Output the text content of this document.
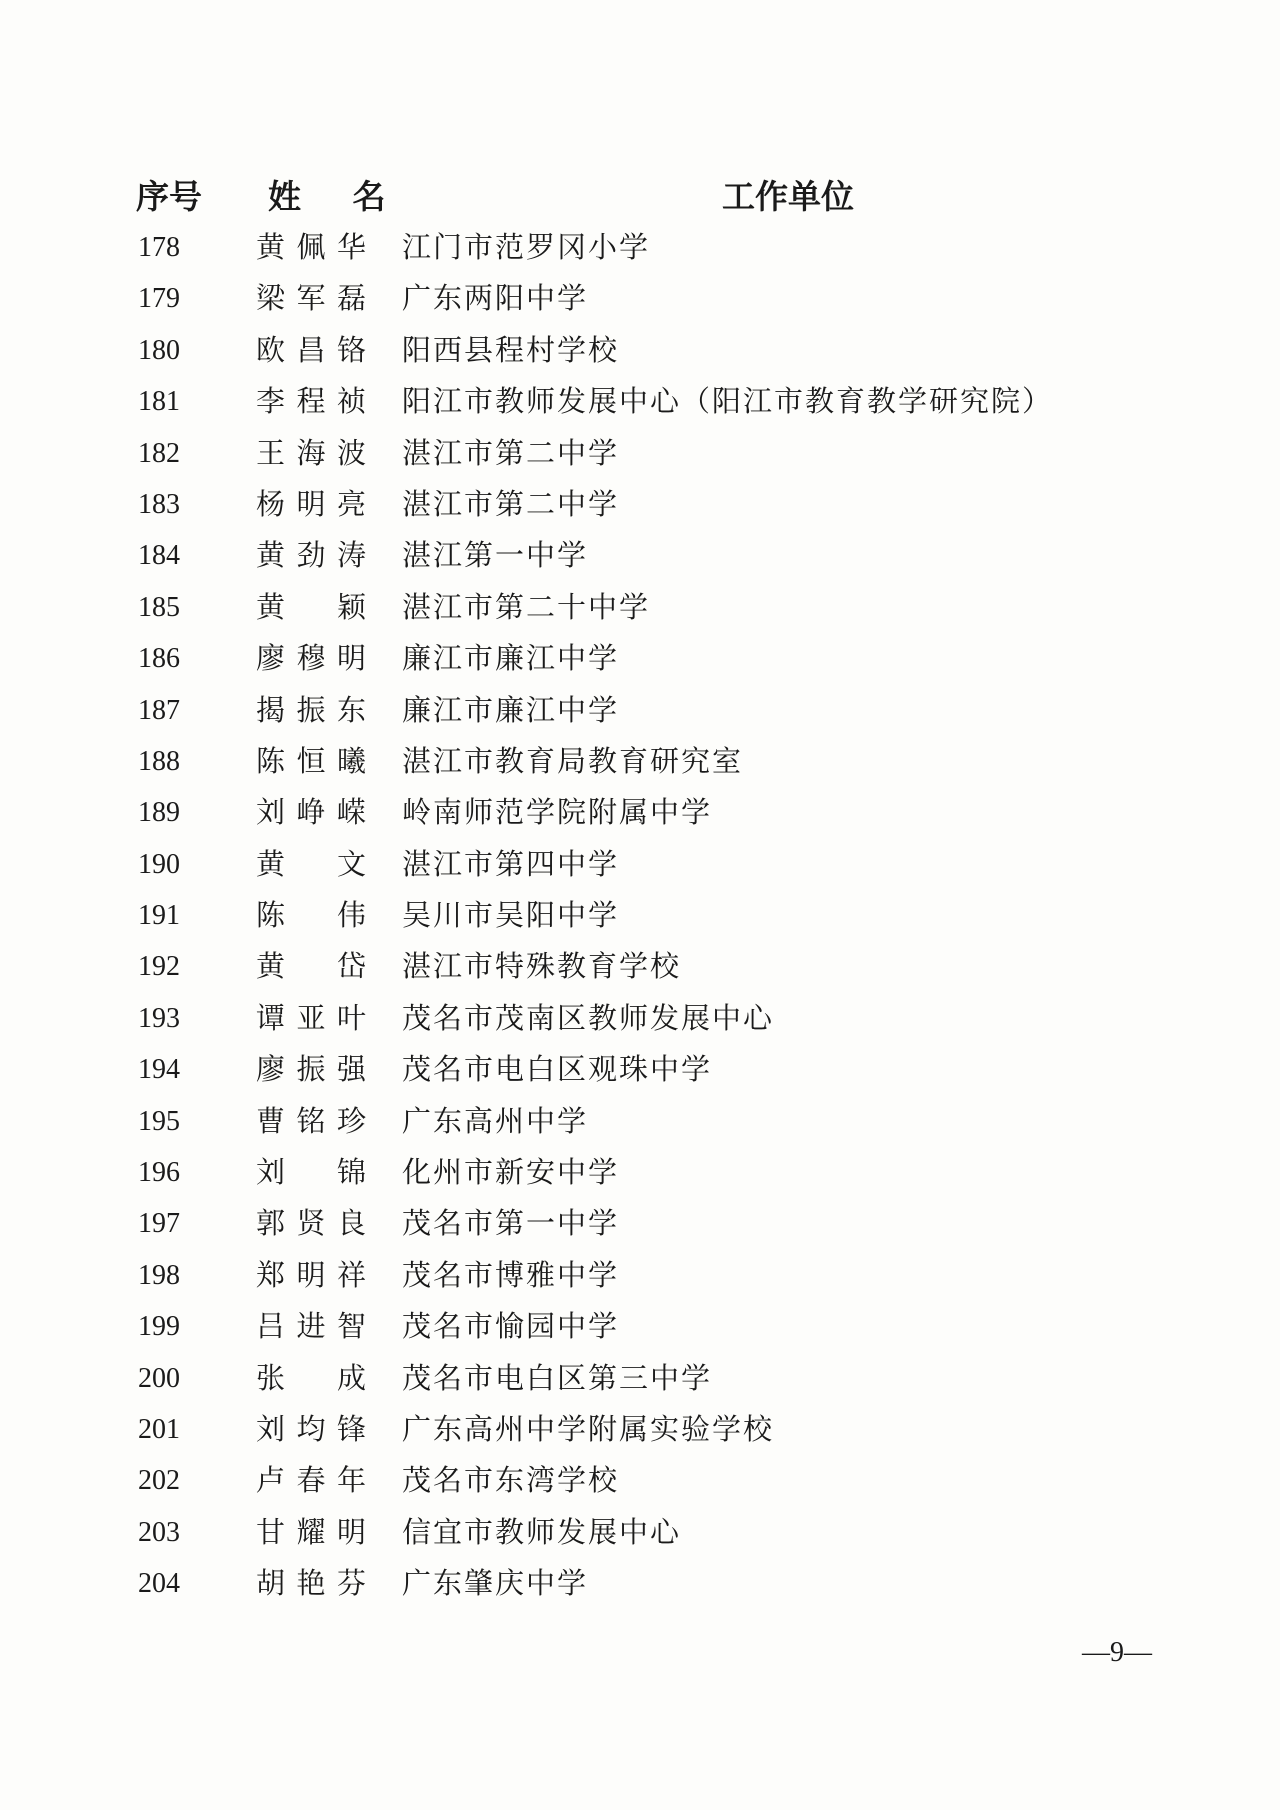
序号 姓 名	工作单位
178	黄佩华 江门市范罗冈小学
179	梁军磊 广东两阳中学
180	欧昌铬 阳西县程村学校
181	李程祯 阳江市教师发展中心（阳江市教育教学研究院）
182	王海波 湛江市第二中学
183	杨明亮 湛江市第二中学
184	黄劲涛 湛江第一中学
185	黄颖 湛江市第二十中学
186	廖穆明 廉江市廉江中学
187	揭振东 廉江市廉江中学
188	陈恒曦 湛江市教育局教育研究室
189	刘峥嵘 岭南师范学院附属中学
190	黄文 湛江市第四中学
191	陈伟 吴川市吴阳中学
192	黄岱 湛江市特殊教育学校
193	谭亚叶 茂名市茂南区教师发展中心
194	廖振强 茂名市电白区观珠中学
195	曹铭珍 广东高州中学
196	刘锦 化州市新安中学
197	郭贤良 茂名市第一中学
198	郑明祥 茂名市博雅中学
199	吕进智 茂名市愉园中学
200	张成 茂名市电白区第三中学
201	刘均锋 广东高州中学附属实验学校
202	卢春年 茂名市东湾学校
203	甘耀明 信宜市教师发展中心
204	胡艳芬 广东肇庆中学
—9—
